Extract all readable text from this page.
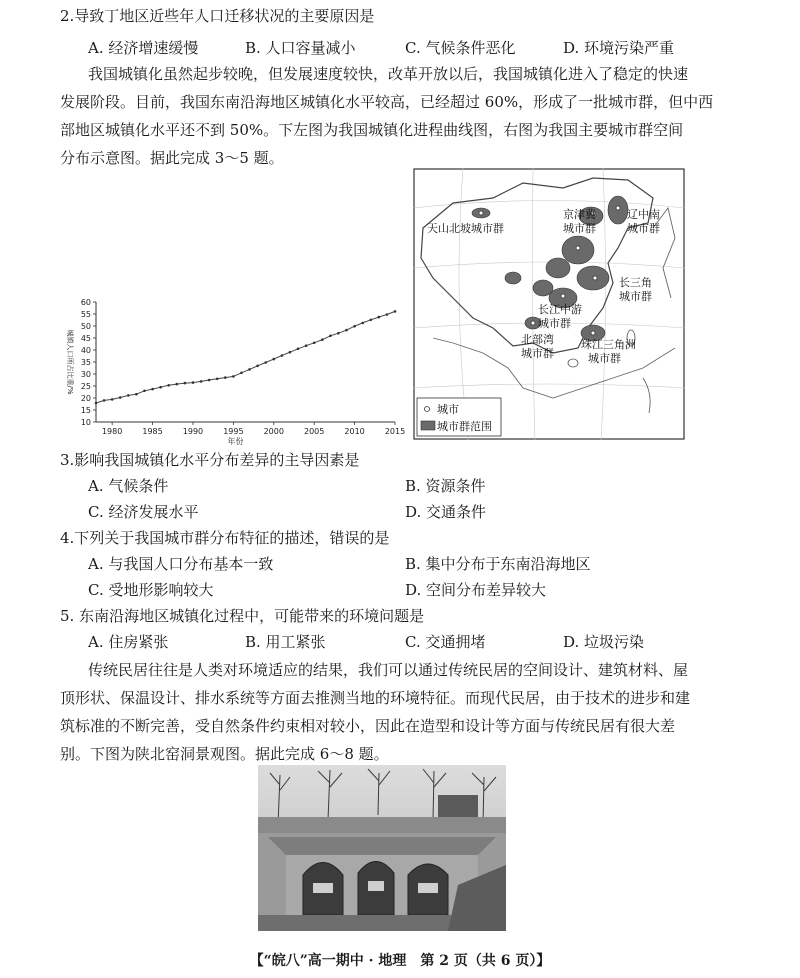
2.导致丁地区近些年人口迁移状况的主要原因是
A. 经济增速缓慢	B. 人口容量减小	C. 气候条件恶化	D. 环境污染严重
我国城镇化虽然起步较晚，但发展速度较快，改革开放以后，我国城镇化进入了稳定的快速
发展阶段。目前，我国东南沿海地区城镇化水平较高，已经超过 60%，形成了一批城市群，但中西
部地区城镇化水平还不到 50%。下左图为我国城镇化进程曲线图，右图为我国主要城市群空间
分布示意图。据此完成 3～5 题。
10
15
20
25
30
35
40
45
50
55
60
1980	1985	1990	1995	2000	2005	2010	2015
年份
城镇人口所占比重/%
天山北坡城市群
京津冀
城市群
辽中南
城市群
长三角
城市群
长江中游
城市群
北部湾
城市群
珠江三角洲
城市群
城市
城市群范围
3.影响我国城镇化水平分布差异的主导因素是
A. 气候条件	B. 资源条件
C. 经济发展水平	D. 交通条件
4.下列关于我国城市群分布特征的描述，错误的是
A. 与我国人口分布基本一致	B. 集中分布于东南沿海地区
C. 受地形影响较大	D. 空间分布差异较大
5. 东南沿海地区城镇化过程中，可能带来的环境问题是
A. 住房紧张	B. 用工紧张	C. 交通拥堵	D. 垃圾污染
传统民居往往是人类对环境适应的结果，我们可以通过传统民居的空间设计、建筑材料、屋
顶形状、保温设计、排水系统等方面去推测当地的环境特征。而现代民居，由于技术的进步和建
筑标准的不断完善，受自然条件约束相对较小，因此在造型和设计等方面与传统民居有很大差
别。下图为陕北窑洞景观图。据此完成 6～8 题。
【“皖八”高一期中 · 地理　第 2 页（共 6 页）】
